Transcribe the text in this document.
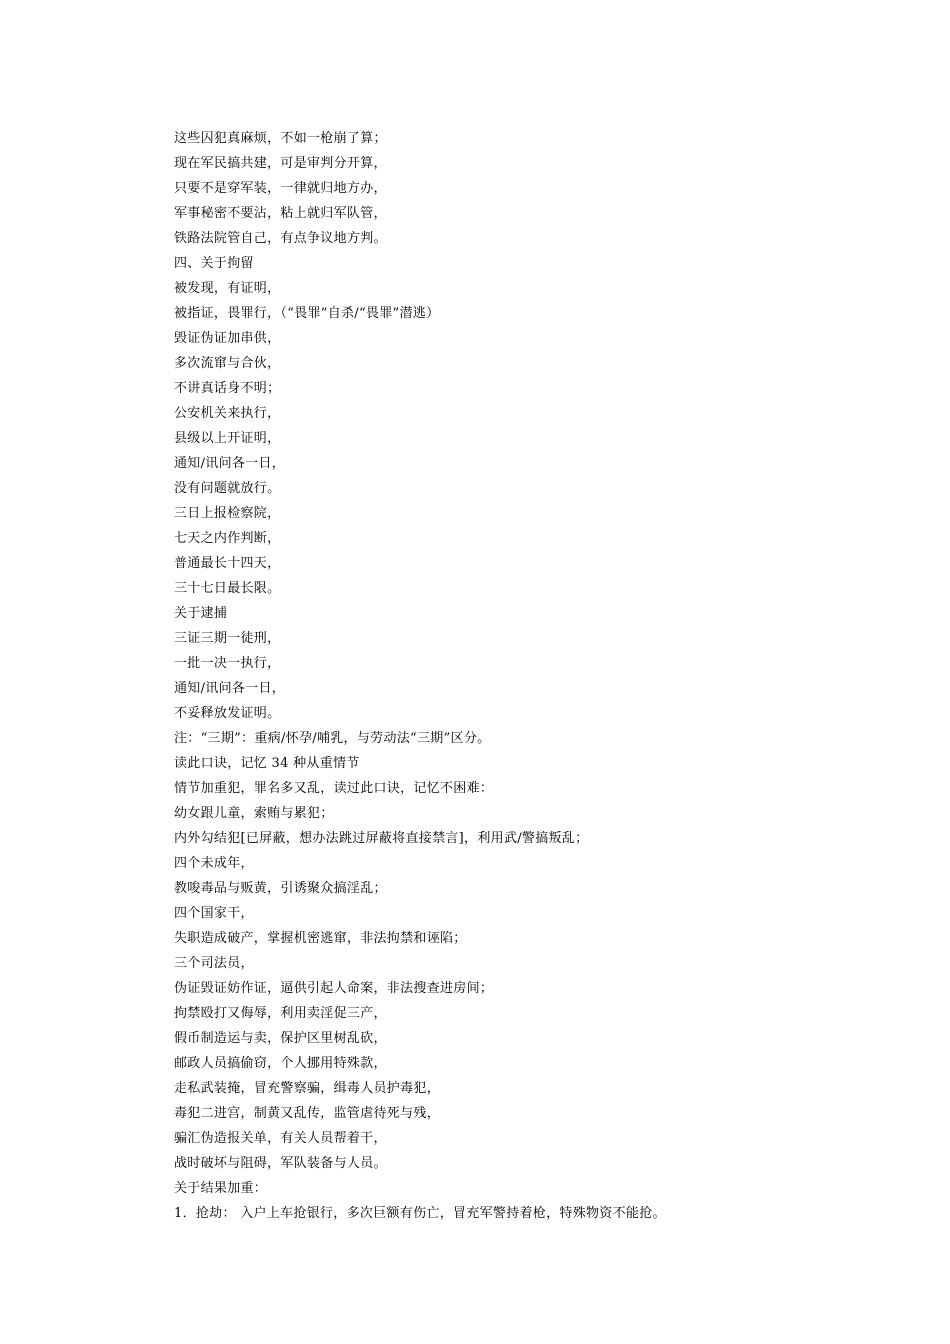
这些囚犯真麻烦，不如一枪崩了算；
现在军民搞共建，可是审判分开算，
只要不是穿军装，一律就归地方办，
军事秘密不要沾，粘上就归军队管，
铁路法院管自己，有点争议地方判。
四、关于拘留
被发现，有证明，
被指证，畏罪行，（“畏罪”自杀/“畏罪”潜逃）
毁证伪证加串供，
多次流窜与合伙，
不讲真话身不明；
公安机关来执行，
县级以上开证明，
通知/讯问各一日，
没有问题就放行。
三日上报检察院，
七天之内作判断，
普通最长十四天，
三十七日最长限。
关于逮捕
三证三期一徒刑，
一批一决一执行，
通知/讯问各一日，
不妥释放发证明。
注：“三期”：重病/怀孕/哺乳，与劳动法“三期”区分。
读此口诀，记忆 34 种从重情节
情节加重犯，罪名多又乱，读过此口诀，记忆不困难：
幼女跟儿童，索贿与累犯；
内外勾结犯[已屏蔽，想办法跳过屏蔽将直接禁言]，利用武/警搞叛乱；
四个未成年，
教唆毒品与贩黄，引诱聚众搞淫乱；
四个国家干，
失职造成破产，掌握机密逃窜，非法拘禁和诬陷；
三个司法员，
伪证毁证妨作证，逼供引起人命案，非法搜查进房间；
拘禁殴打又侮辱，利用卖淫促三产，
假币制造运与卖，保护区里树乱砍，
邮政人员搞偷窃，个人挪用特殊款，
走私武装掩，冒充警察骗，缉毒人员护毒犯，
毒犯二进宫，制黄又乱传，监管虐待死与残，
骗汇伪造报关单，有关人员帮着干，
战时破坏与阻碍，军队装备与人员。
关于结果加重：
1．抢劫： 入户上车抢银行，多次巨额有伤亡，冒充军警持着枪，特殊物资不能抢。
